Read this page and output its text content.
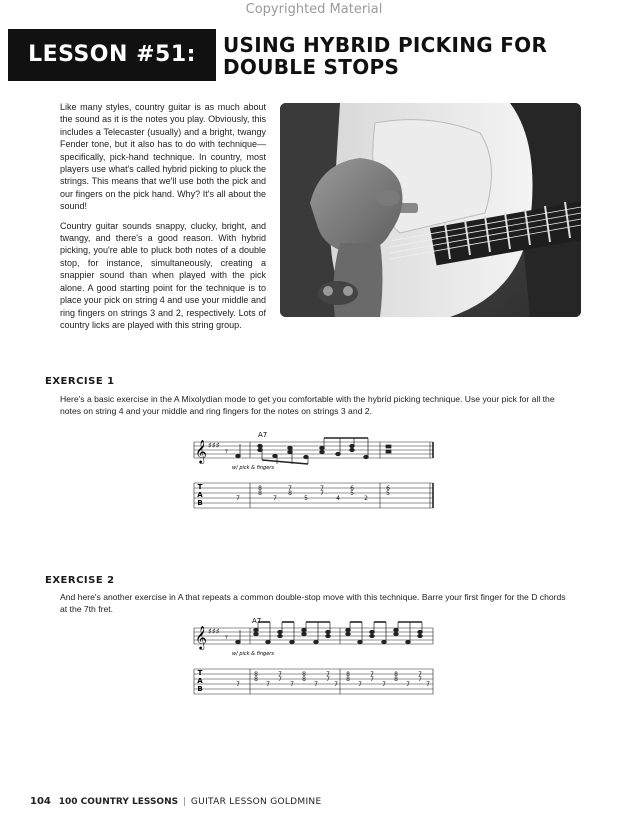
Copyrighted Material
LESSON #51:	USING HYBRID PICKING FOR
DOUBLE STOPS

Like many styles, country guitar is as much about the sound as it is the notes you play. Obviously, this includes a Telecaster (usually) and a bright, twangy Fender tone, but it also has to do with technique—specifically, pick-hand technique. In country, most players use what's called hybrid picking to pluck the strings. This means that we'll use both the pick and our fingers on the pick hand. Why? It's all about the sound!

Country guitar sounds snappy, clucky, bright, and twangy, and there's a good reason. With hybrid picking, you're able to pluck both notes of a double stop, for instance, simultaneously, creating a snappier sound than when played with the pick alone. A good starting point for the technique is to place your pick on string 4 and use your middle and ring fingers on strings 3 and 2, respectively. Lots of country licks are played with this string group.

EXERCISE 1
Here's a basic exercise in the A Mixolydian mode to get you comfortable with the hybrid picking technique. Use your pick for all the notes on string 4 and your middle and ring fingers for the notes on strings 3 and 2.
A7
𝄞 ♯♯♯ 𝄾
w/ pick & fingers
T
A
B
7
8
8
7
7
8
5
7
7
4
6
5
2
6
5
EXERCISE 2
And here's another exercise in A that repeats a common double-stop move with this technique. Barre your first finger for the D chords at the 7th fret.
A7
𝄞 ♯♯♯ 𝄾
w/ pick & fingers
T
A
B
7
8
8
7
7
7
7
8
8
7
7
7
7
8
8
7
7
7
7
8
8
7
7
7
7
104 100 COUNTRY LESSONS | GUITAR LESSON GOLDMINE
